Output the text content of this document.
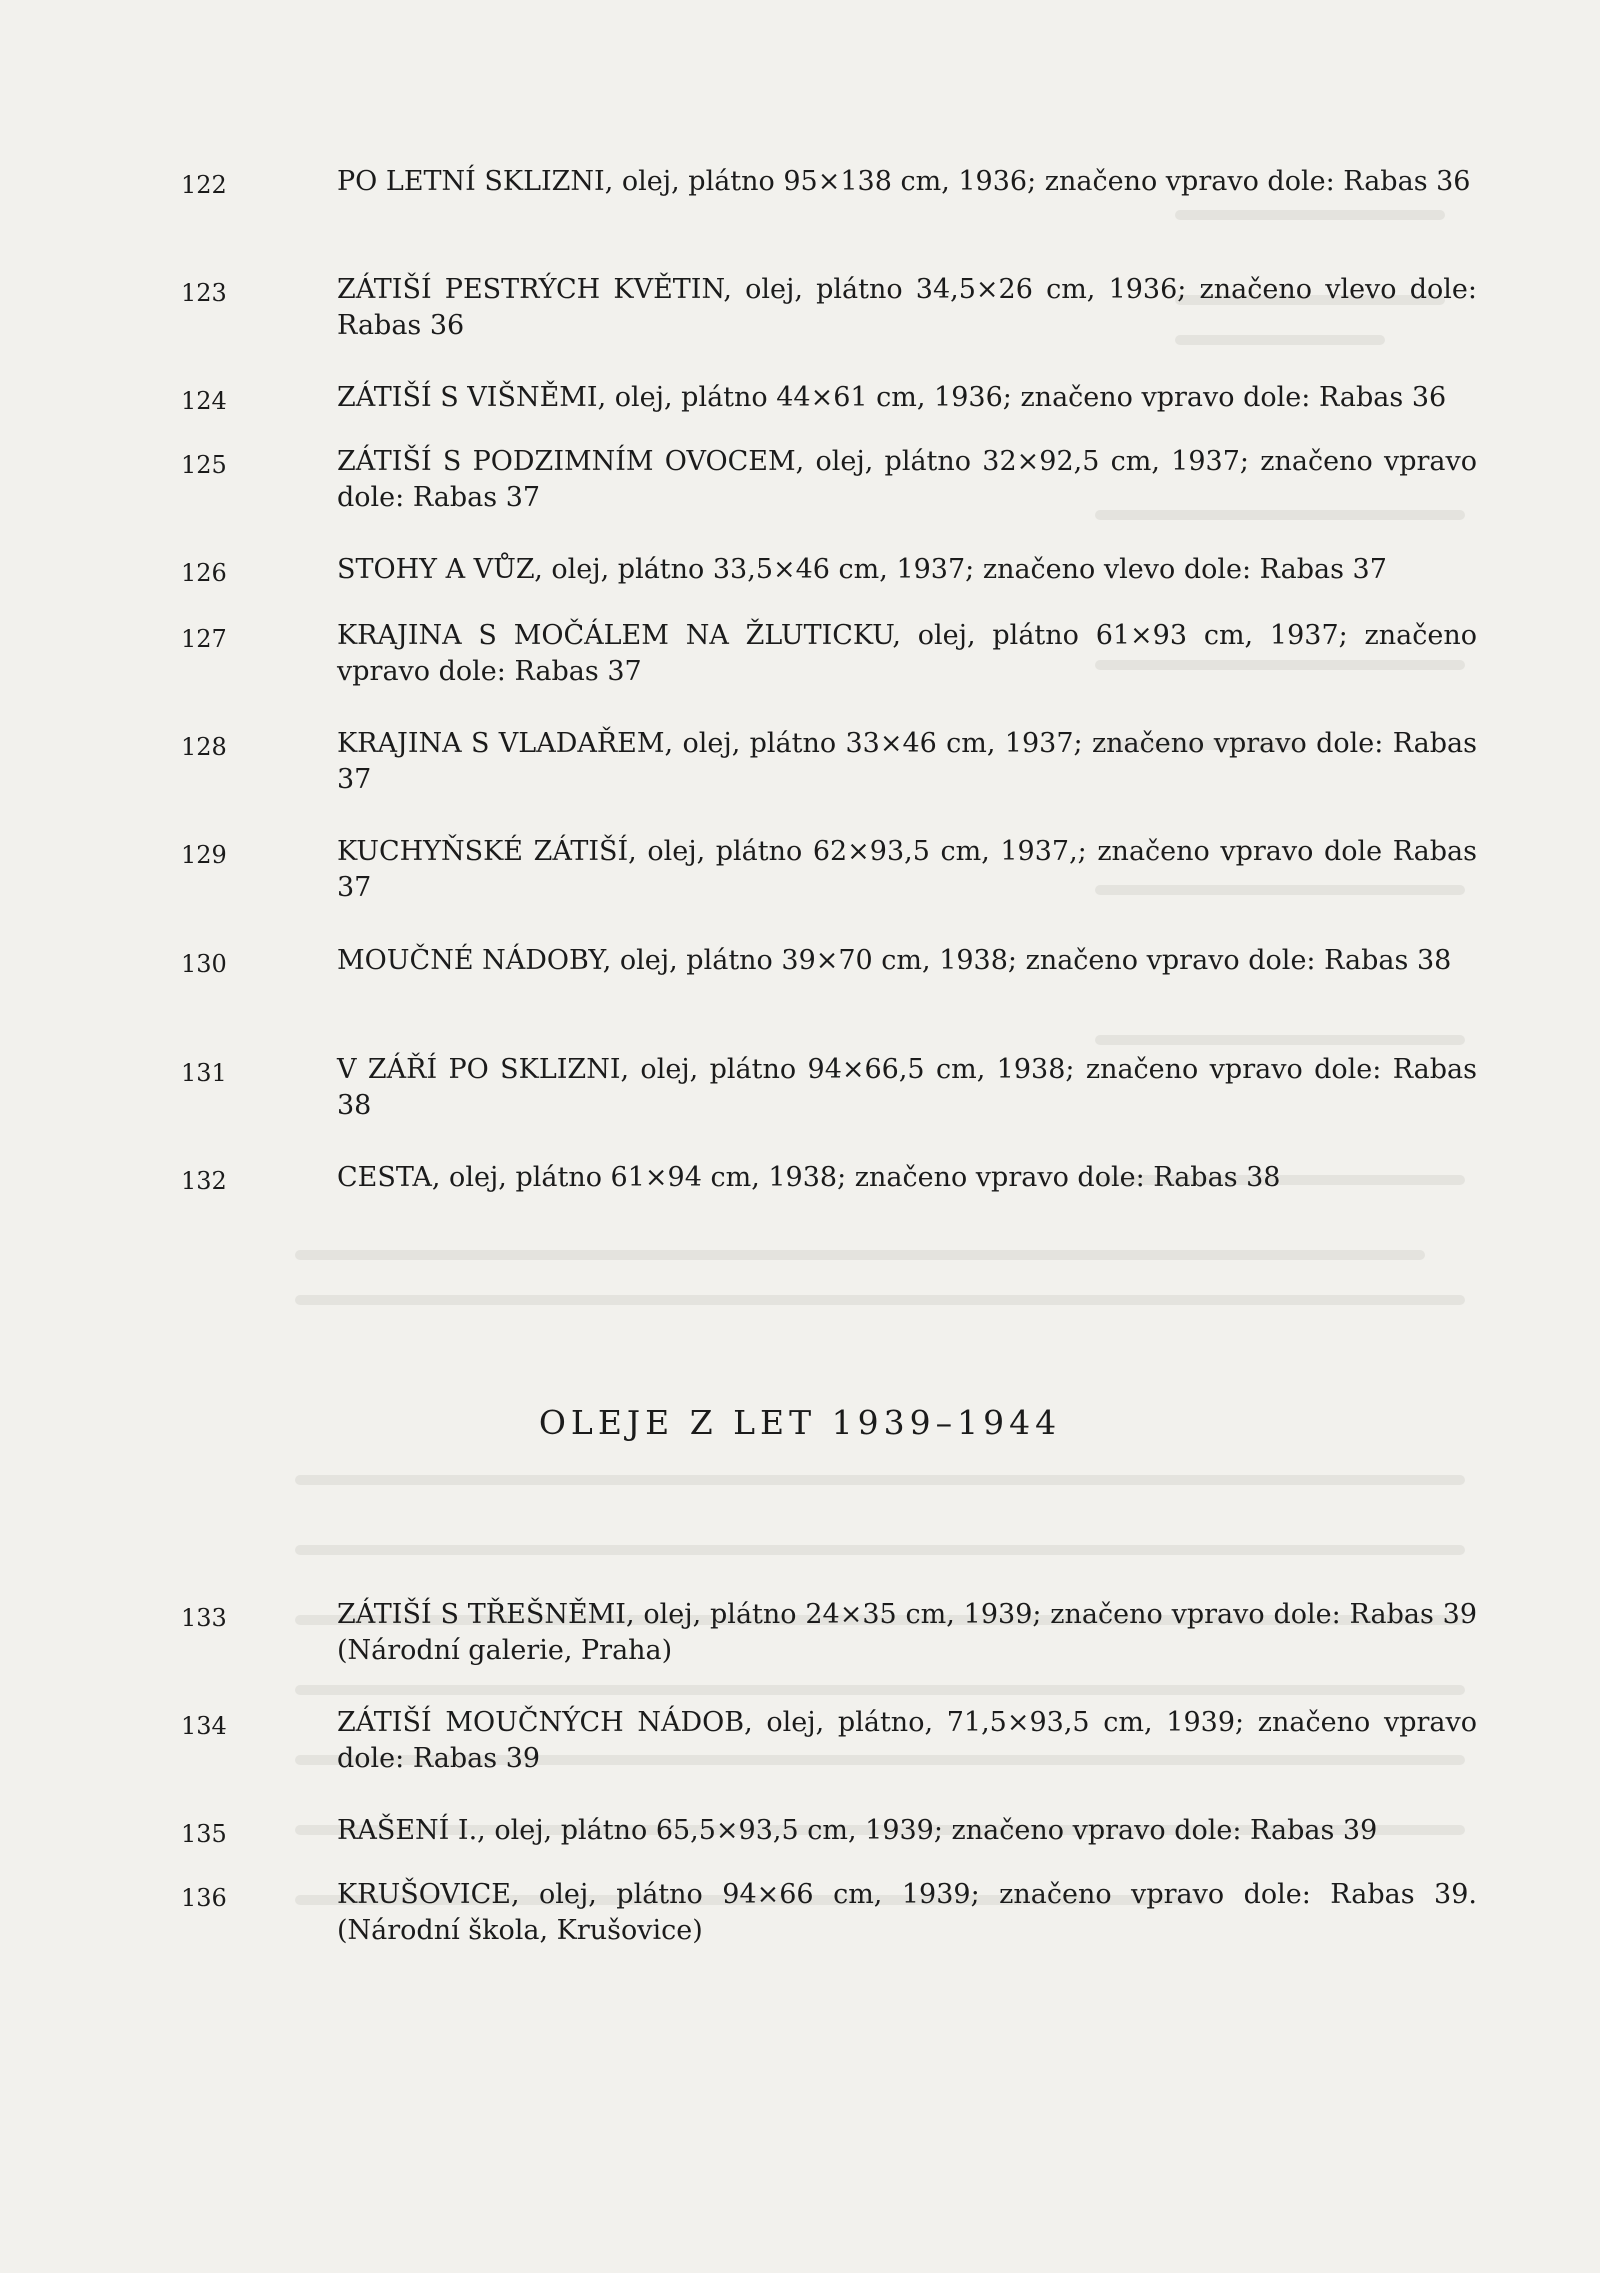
122	PO LETNÍ SKLIZNI, olej, plátno 95×138 cm, 1936; značeno vpravo dole: Rabas 36
123	ZÁTIŠÍ PESTRÝCH KVĚTIN, olej, plátno 34,5×26 cm, 1936; značeno vlevo dole: Rabas 36
124	ZÁTIŠÍ S VIŠNĚMI, olej, plátno 44×61 cm, 1936; značeno vpravo dole: Rabas 36
125	ZÁTIŠÍ S PODZIMNÍM OVOCEM, olej, plátno 32×92,5 cm, 1937; značeno vpravo dole: Rabas 37
126	STOHY A VŮZ, olej, plátno 33,5×46 cm, 1937; značeno vlevo dole: Rabas 37
127	KRAJINA S MOČÁLEM NA ŽLUTICKU, olej, plátno 61×93 cm, 1937; značeno vpravo dole: Rabas 37
128	KRAJINA S VLADAŘEM, olej, plátno 33×46 cm, 1937; značeno vpravo dole: Rabas 37
129	KUCHYŇSKÉ ZÁTIŠÍ, olej, plátno 62×93,5 cm, 1937,; značeno vpravo dole Rabas 37
130	MOUČNÉ NÁDOBY, olej, plátno 39×70 cm, 1938; značeno vpravo dole: Rabas 38
131	V ZÁŘÍ PO SKLIZNI, olej, plátno 94×66,5 cm, 1938; značeno vpravo dole: Rabas 38
132	CESTA, olej, plátno 61×94 cm, 1938; značeno vpravo dole: Rabas 38
OLEJE Z LET 1939–1944
133	ZÁTIŠÍ S TŘEŠNĚMI, olej, plátno 24×35 cm, 1939; značeno vpravo dole: Rabas 39 (Národní galerie, Praha)
134	ZÁTIŠÍ MOUČNÝCH NÁDOB, olej, plátno, 71,5×93,5 cm, 1939; značeno vpravo dole: Rabas 39
135	RAŠENÍ I., olej, plátno 65,5×93,5 cm, 1939; značeno vpravo dole: Rabas 39
136	KRUŠOVICE, olej, plátno 94×66 cm, 1939; značeno vpravo dole: Rabas 39. (Národní škola, Krušovice)
